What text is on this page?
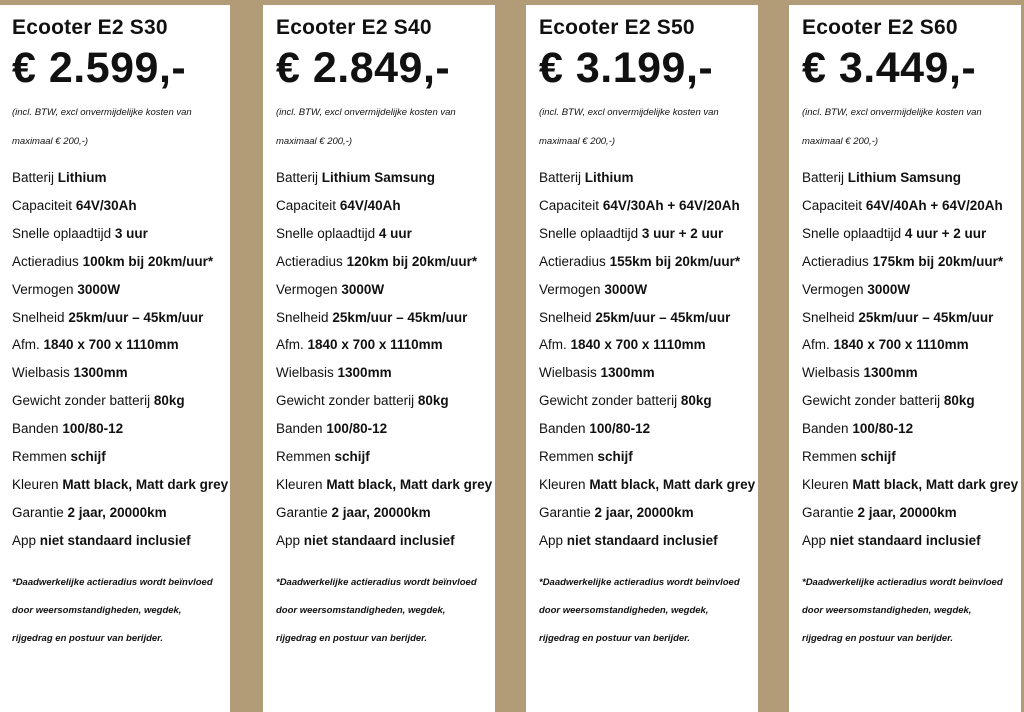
Ecooter E2 S30
€ 2.599,-
(incl. BTW, excl onvermijdelijke kosten van maximaal € 200,-)
Batterij Lithium
Capaciteit 64V/30Ah
Snelle oplaadtijd 3 uur
Actieradius 100km bij 20km/uur*
Vermogen 3000W
Snelheid 25km/uur – 45km/uur
Afm. 1840 x 700 x 1110mm
Wielbasis 1300mm
Gewicht zonder batterij 80kg
Banden 100/80-12
Remmen schijf
Kleuren Matt black, Matt dark grey
Garantie 2 jaar, 20000km
App niet standaard inclusief
*Daadwerkelijke actieradius wordt beïnvloed door weersomstandigheden, wegdek, rijgedrag en postuur van berijder.
Ecooter E2 S40
€ 2.849,-
(incl. BTW, excl onvermijdelijke kosten van maximaal € 200,-)
Batterij Lithium Samsung
Capaciteit 64V/40Ah
Snelle oplaadtijd 4 uur
Actieradius 120km bij 20km/uur*
Vermogen 3000W
Snelheid 25km/uur – 45km/uur
Afm. 1840 x 700 x 1110mm
Wielbasis 1300mm
Gewicht zonder batterij 80kg
Banden 100/80-12
Remmen schijf
Kleuren Matt black, Matt dark grey
Garantie 2 jaar, 20000km
App niet standaard inclusief
*Daadwerkelijke actieradius wordt beïnvloed door weersomstandigheden, wegdek, rijgedrag en postuur van berijder.
Ecooter E2 S50
€ 3.199,-
(incl. BTW, excl onvermijdelijke kosten van maximaal € 200,-)
Batterij Lithium
Capaciteit 64V/30Ah + 64V/20Ah
Snelle oplaadtijd 3 uur + 2 uur
Actieradius 155km bij 20km/uur*
Vermogen 3000W
Snelheid 25km/uur – 45km/uur
Afm. 1840 x 700 x 1110mm
Wielbasis 1300mm
Gewicht zonder batterij 80kg
Banden 100/80-12
Remmen schijf
Kleuren Matt black, Matt dark grey
Garantie 2 jaar, 20000km
App niet standaard inclusief
*Daadwerkelijke actieradius wordt beïnvloed door weersomstandigheden, wegdek, rijgedrag en postuur van berijder.
Ecooter E2 S60
€ 3.449,-
(incl. BTW, excl onvermijdelijke kosten van maximaal € 200,-)
Batterij Lithium Samsung
Capaciteit 64V/40Ah + 64V/20Ah
Snelle oplaadtijd 4 uur + 2 uur
Actieradius 175km bij 20km/uur*
Vermogen 3000W
Snelheid 25km/uur – 45km/uur
Afm. 1840 x 700 x 1110mm
Wielbasis 1300mm
Gewicht zonder batterij 80kg
Banden 100/80-12
Remmen schijf
Kleuren Matt black, Matt dark grey
Garantie 2 jaar, 20000km
App niet standaard inclusief
*Daadwerkelijke actieradius wordt beïnvloed door weersomstandigheden, wegdek, rijgedrag en postuur van berijder.
